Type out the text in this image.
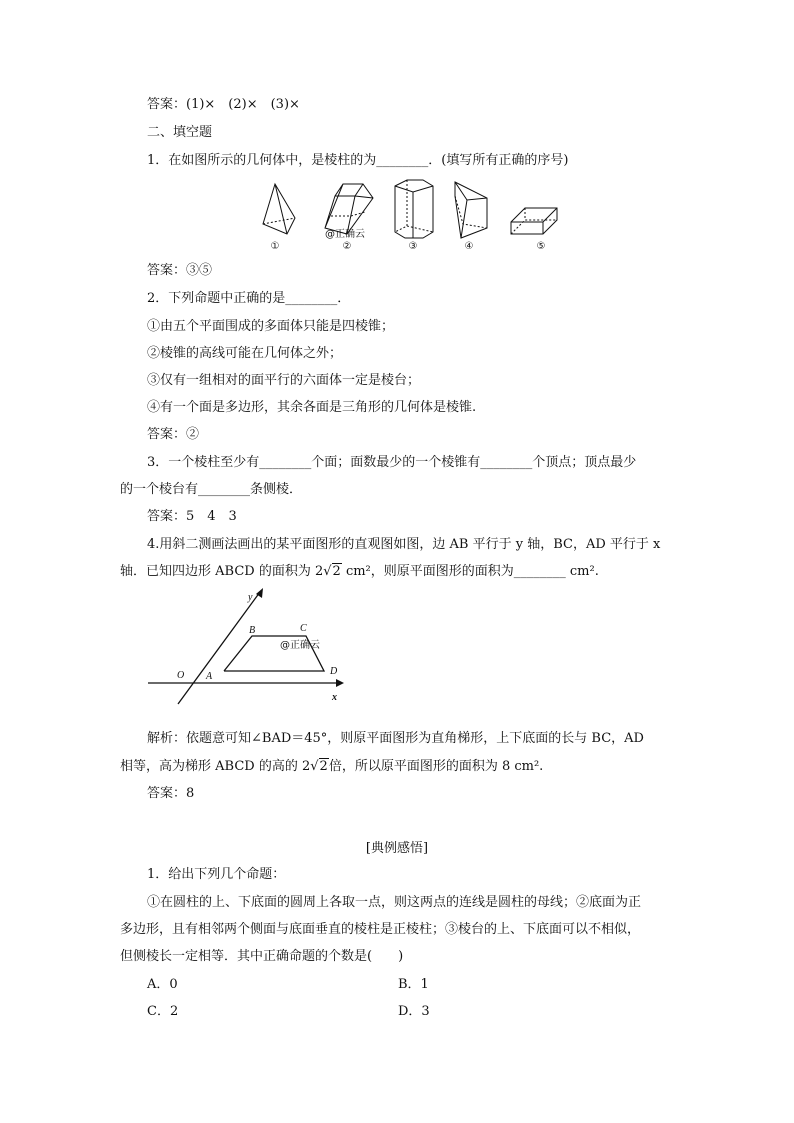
答案：(1)×　(2)×　(3)×
二、填空题
1．在如图所示的几何体中，是棱柱的为________．(填写所有正确的序号)
①	②	③	④	⑤
@正确云
答案：③⑤
2．下列命题中正确的是________．
①由五个平面围成的多面体只能是四棱锥；
②棱锥的高线可能在几何体之外；
③仅有一组相对的面平行的六面体一定是棱台；
④有一个面是多边形，其余各面是三角形的几何体是棱锥.
答案：②
3．一个棱柱至少有________个面；面数最少的一个棱锥有________个顶点；顶点最少
的一个棱台有________条侧棱．
答案：5　4　3
4.用斜二测画法画出的某平面图形的直观图如图，边 AB 平行于 y 轴，BC，AD 平行于 x
轴．已知四边形 ABCD 的面积为 2√2 cm²，则原平面图形的面积为________ cm².
y
x
O A
B	C
D
@正确云
解析：依题意可知∠BAD＝45°，则原平面图形为直角梯形，上下底面的长与 BC，AD
相等，高为梯形 ABCD 的高的 2√2倍，所以原平面图形的面积为 8 cm².
答案：8
[典例感悟]
1．给出下列几个命题：
①在圆柱的上、下底面的圆周上各取一点，则这两点的连线是圆柱的母线；②底面为正
多边形，且有相邻两个侧面与底面垂直的棱柱是正棱柱；③棱台的上、下底面可以不相似，
但侧棱长一定相等．其中正确命题的个数是(　　)
A．0	B．1
C．2	D．3
